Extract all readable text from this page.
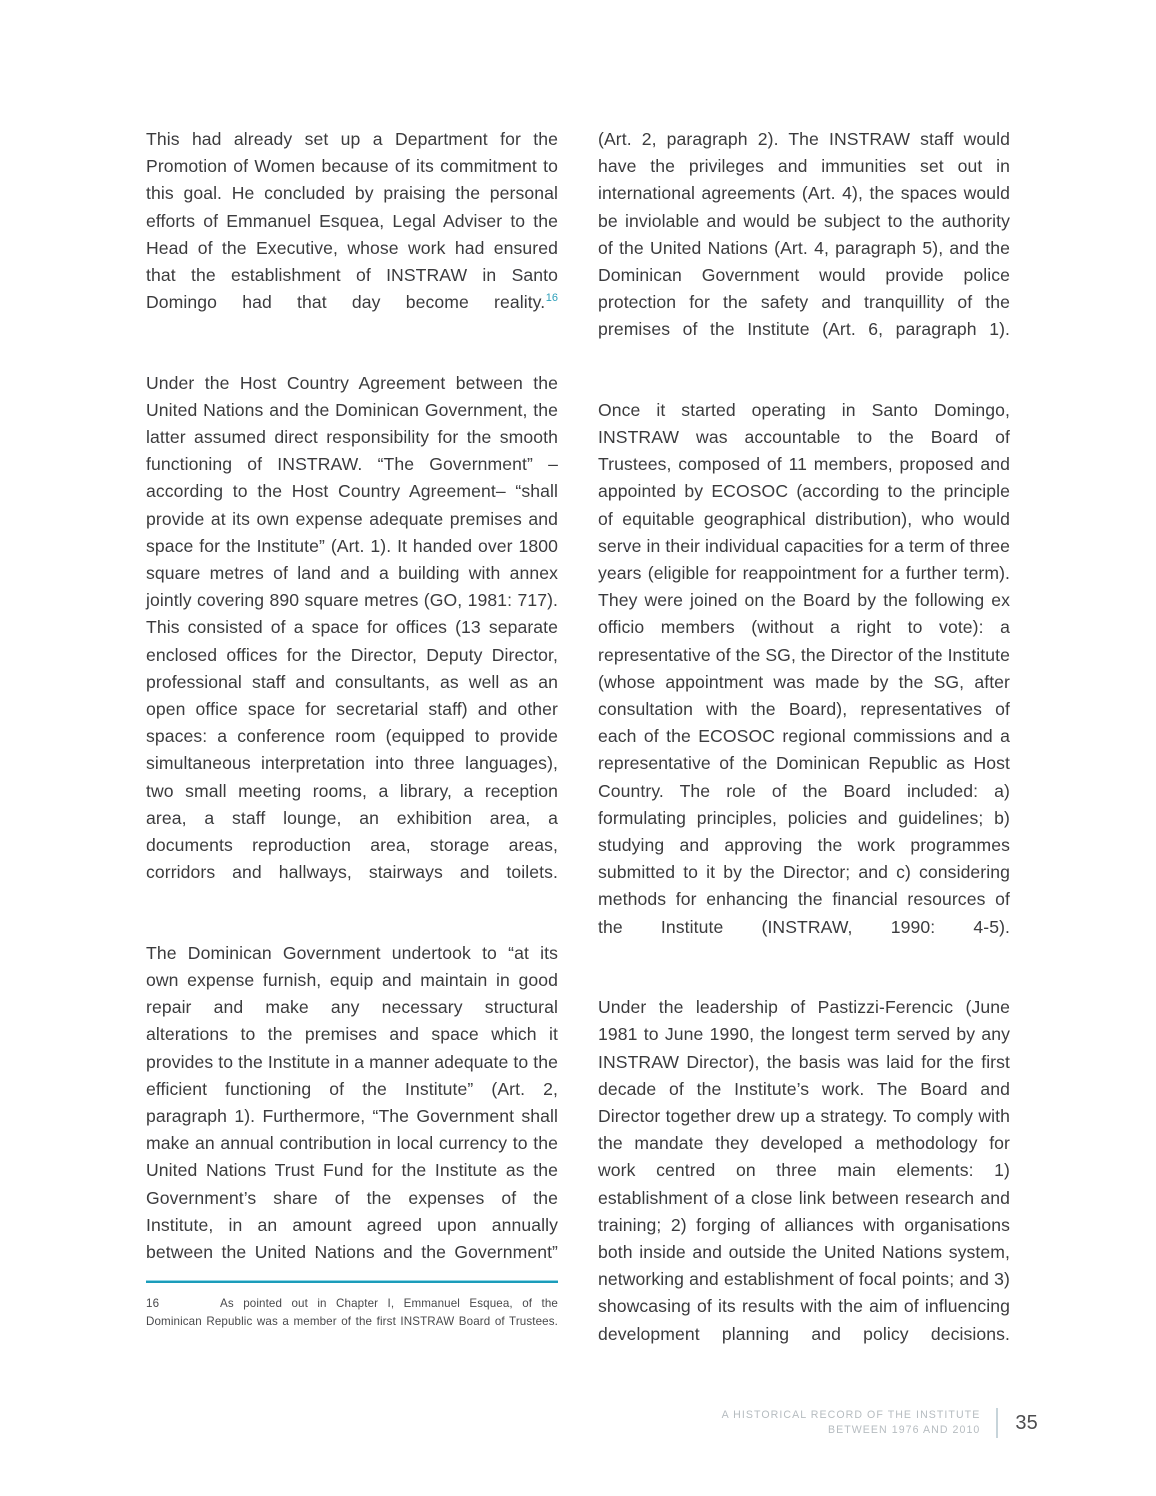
This had already set up a Department for the Promotion of Women because of its commitment to this goal. He concluded by praising the personal efforts of Emmanuel Esquea, Legal Adviser to the Head of the Executive, whose work had ensured that the establishment of INSTRAW in Santo Domingo had that day become reality.$^{16}$

Under the Host Country Agreement between the United Nations and the Dominican Government, the latter assumed direct responsibility for the smooth functioning of INSTRAW. “The Government” –according to the Host Country Agreement– “shall provide at its own expense adequate premises and space for the Institute” (Art. 1). It handed over 1800 square metres of land and a building with annex jointly covering 890 square metres (GO, 1981: 717). This consisted of a space for offices (13 separate enclosed offices for the Director, Deputy Director, professional staff and consultants, as well as an open office space for secretarial staff) and other spaces: a conference room (equipped to provide simultaneous interpretation into three languages), two small meeting rooms, a library, a reception area, a staff lounge, an exhibition area, a documents reproduction area, storage areas, corridors and hallways, stairways and toilets.

The Dominican Government undertook to “at its own expense furnish, equip and maintain in good repair and make any necessary structural alterations to the premises and space which it provides to the Institute in a manner adequate to the efficient functioning of the Institute” (Art. 2, paragraph 1). Furthermore, “The Government shall make an annual contribution in local currency to the United Nations Trust Fund for the Institute as the Government’s share of the expenses of the Institute, in an amount agreed upon annually between the United Nations and the Government”

16	As pointed out in Chapter I, Emmanuel Esquea, of the Dominican Republic was a member of the first INSTRAW Board of Trustees.

(Art. 2, paragraph 2). The INSTRAW staff would have the privileges and immunities set out in international agreements (Art. 4), the spaces would be inviolable and would be subject to the authority of the United Nations (Art. 4, paragraph 5), and the Dominican Government would provide police protection for the safety and tranquillity of the premises of the Institute (Art. 6, paragraph 1).

Once it started operating in Santo Domingo, INSTRAW was accountable to the Board of Trustees, composed of 11 members, proposed and appointed by ECOSOC (according to the principle of equitable geographical distribution), who would serve in their individual capacities for a term of three years (eligible for reappointment for a further term). They were joined on the Board by the following ex officio members (without a right to vote): a representative of the SG, the Director of the Institute (whose appointment was made by the SG, after consultation with the Board), representatives of each of the ECOSOC regional commissions and a representative of the Dominican Republic as Host Country. The role of the Board included: a) formulating principles, policies and guidelines; b) studying and approving the work programmes submitted to it by the Director; and c) considering methods for enhancing the financial resources of the Institute (INSTRAW, 1990: 4-5).

Under the leadership of Pastizzi-Ferencic (June 1981 to June 1990, the longest term served by any INSTRAW Director), the basis was laid for the first decade of the Institute’s work. The Board and Director together drew up a strategy. To comply with the mandate they developed a methodology for work centred on three main elements: 1) establishment of a close link between research and training; 2) forging of alliances with organisations both inside and outside the United Nations system, networking and establishment of focal points; and 3) showcasing of its results with the aim of influencing development planning and policy decisions.

A HISTORICAL RECORD OF THE INSTITUTE
BETWEEN 1976 AND 2010	35
